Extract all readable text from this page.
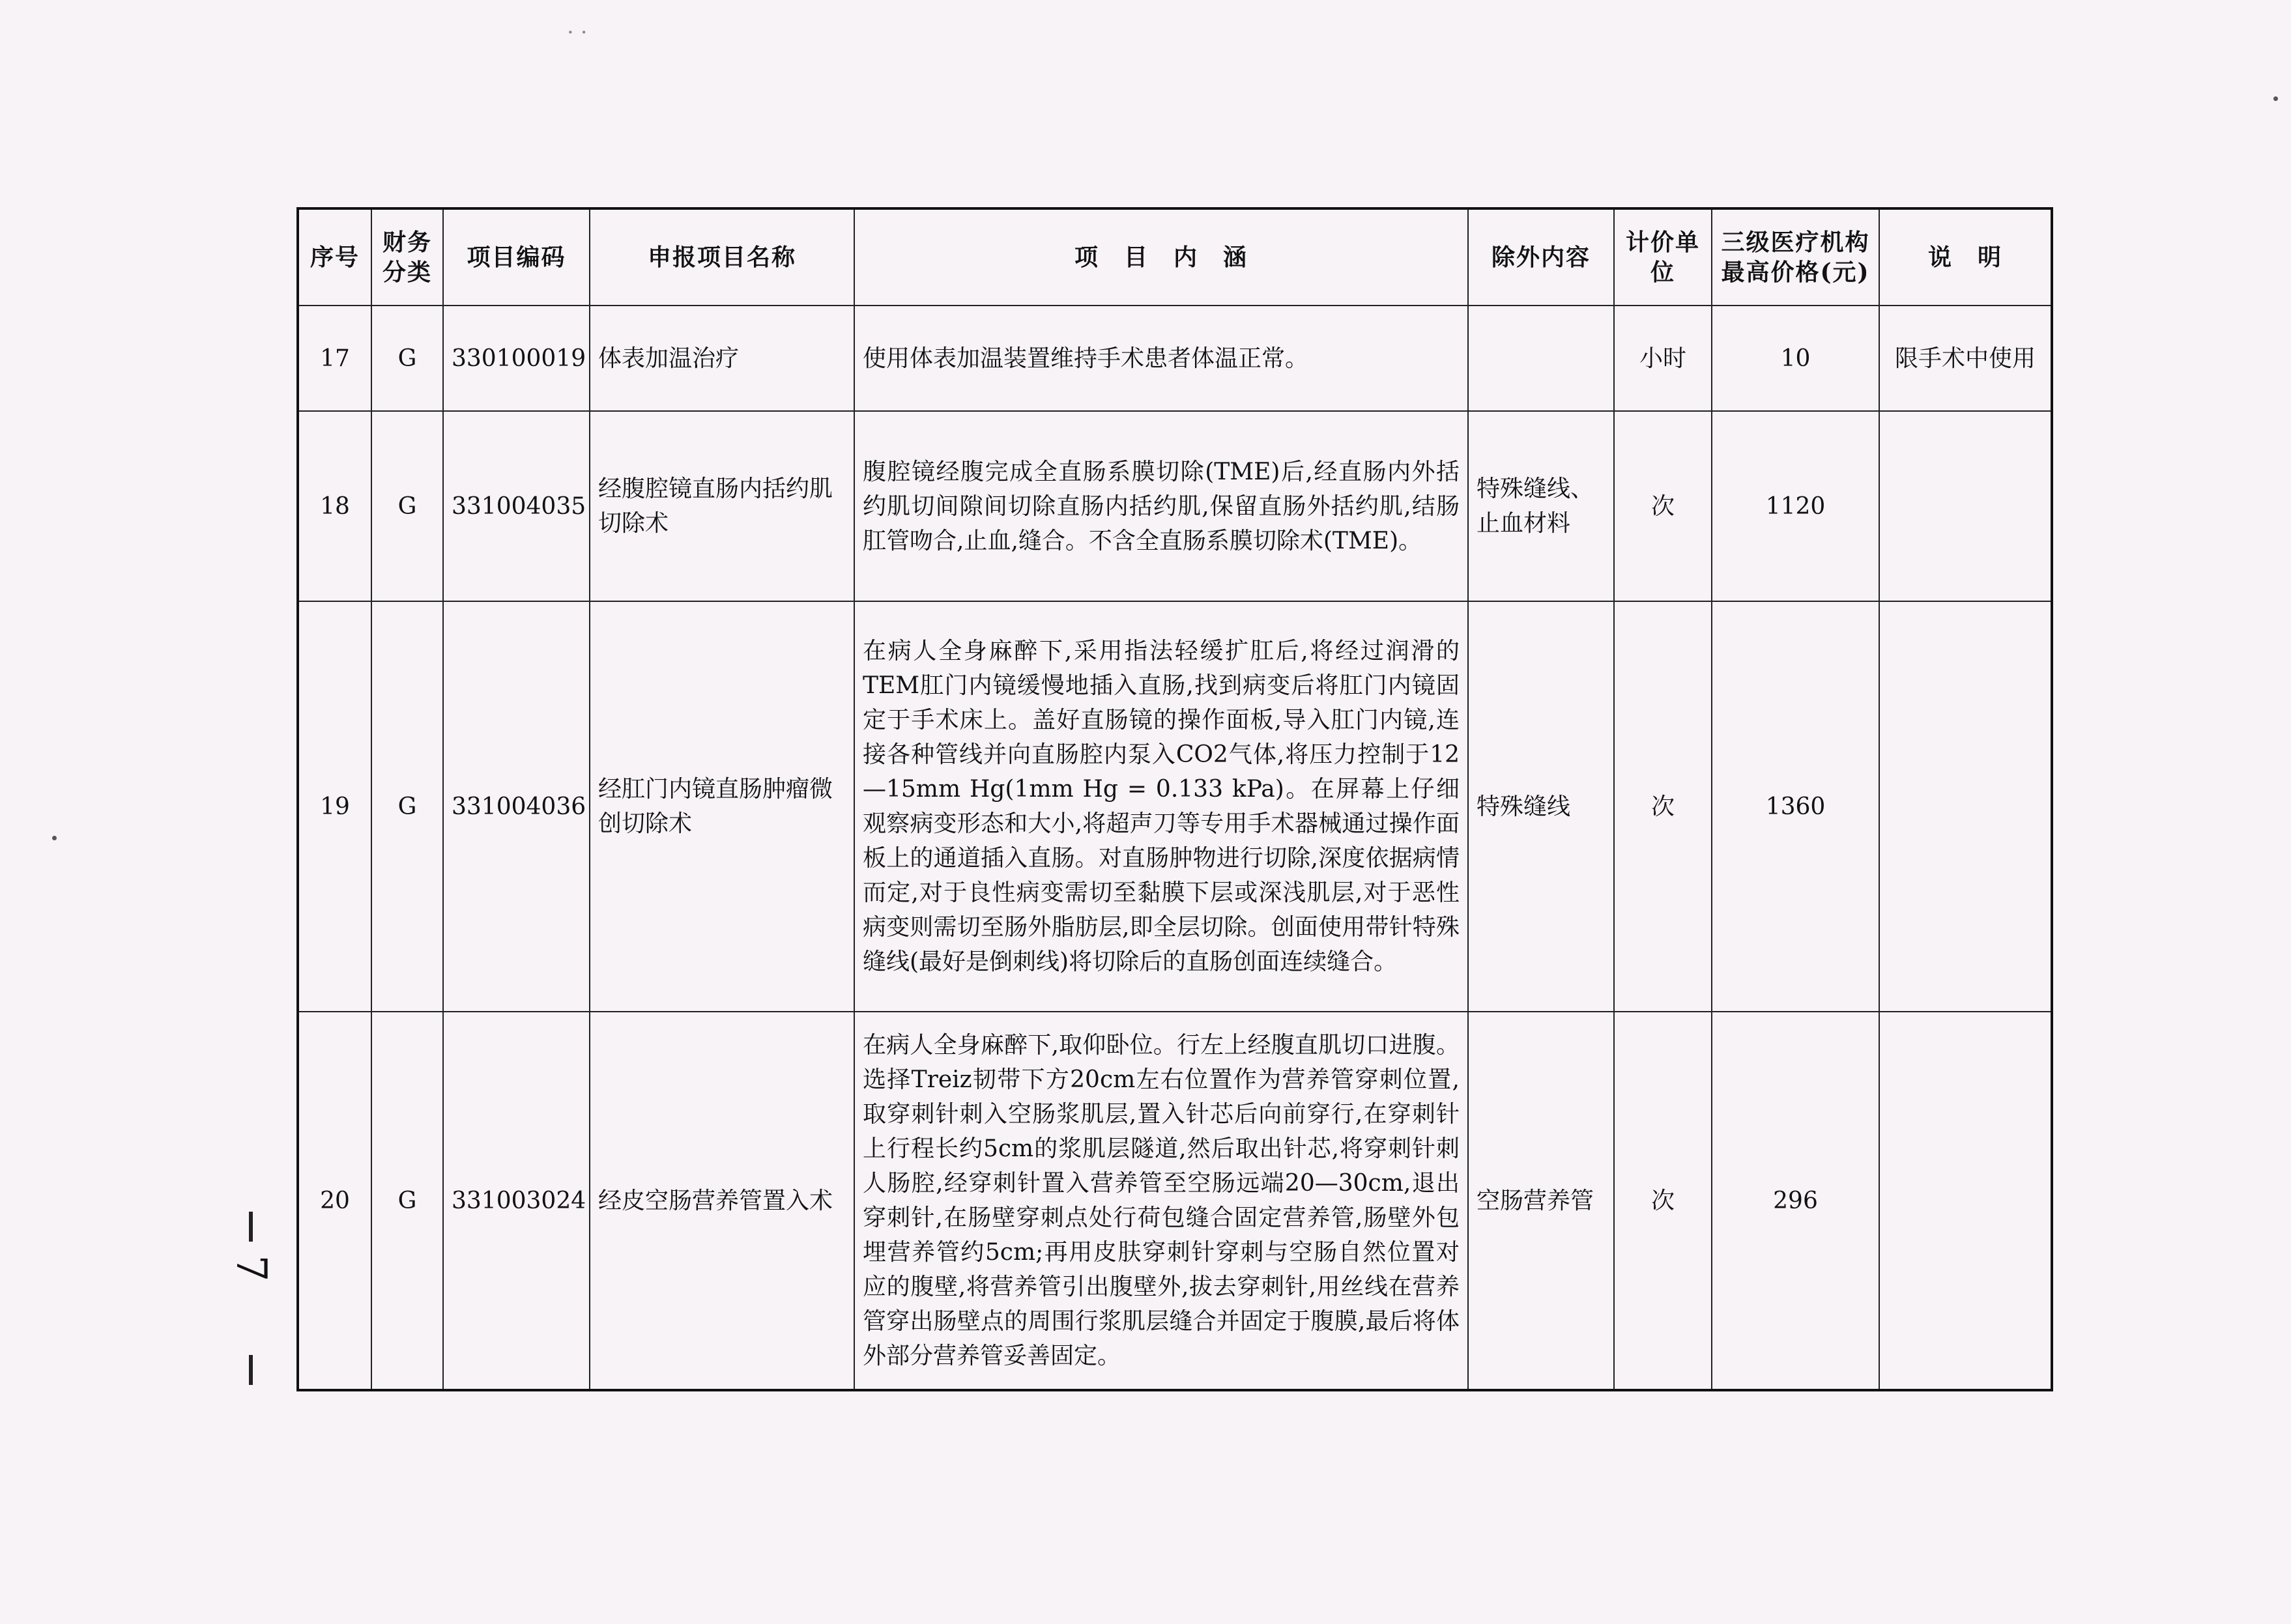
··
序号	财务分类	项目编码	申报项目名称	项　目　内　涵	除外内容	计价单位	三级医疗机构最高价格(元)	说　明
17	G	330100019	体表加温治疗	使用体表加温装置维持手术患者体温正常。		小时	10	限手术中使用
18	G	331004035	经腹腔镜直肠内括约肌切除术	腹腔镜经腹完成全直肠系膜切除(TME)后,经直肠内外括约肌切间隙间切除直肠内括约肌,保留直肠外括约肌,结肠肛管吻合,止血,缝合。不含全直肠系膜切除术(TME)。	特殊缝线、止血材料	次	1120	
19	G	331004036	经肛门内镜直肠肿瘤微创切除术	在病人全身麻醉下,采用指法轻缓扩肛后,将经过润滑的TEM肛门内镜缓慢地插入直肠,找到病变后将肛门内镜固定于手术床上。盖好直肠镜的操作面板,导入肛门内镜,连接各种管线并向直肠腔内泵入CO2气体,将压力控制于12—15mm Hg(1mm Hg = 0.133 kPa)。在屏幕上仔细观察病变形态和大小,将超声刀等专用手术器械通过操作面板上的通道插入直肠。对直肠肿物进行切除,深度依据病情而定,对于良性病变需切至黏膜下层或深浅肌层,对于恶性病变则需切至肠外脂肪层,即全层切除。创面使用带针特殊缝线(最好是倒刺线)将切除后的直肠创面连续缝合。	特殊缝线	次	1360	
20	G	331003024	经皮空肠营养管置入术	在病人全身麻醉下,取仰卧位。行左上经腹直肌切口进腹。选择Treiz韧带下方20cm左右位置作为营养管穿刺位置,取穿刺针刺入空肠浆肌层,置入针芯后向前穿行,在穿刺针上行程长约5cm的浆肌层隧道,然后取出针芯,将穿刺针刺人肠腔,经穿刺针置入营养管至空肠远端20—30cm,退出穿刺针,在肠壁穿刺点处行荷包缝合固定营养管,肠壁外包埋营养管约5cm;再用皮肤穿刺针穿刺与空肠自然位置对应的腹壁,将营养管引出腹壁外,拔去穿刺针,用丝线在营养管穿出肠壁点的周围行浆肌层缝合并固定于腹膜,最后将体外部分营养管妥善固定。	空肠营养管	次	296	
7
